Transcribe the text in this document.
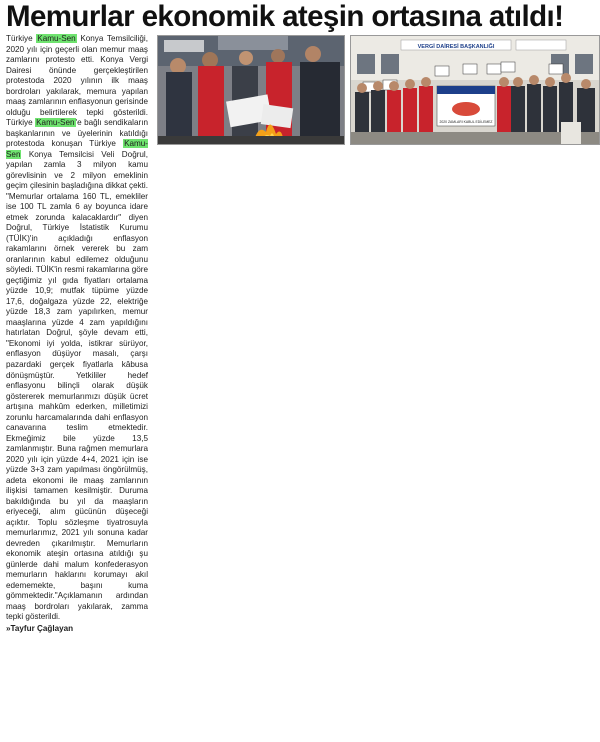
Memurlar ekonomik ateşin ortasına atıldı!

Türkiye Kamu-Sen Konya Temsilciliği, 2020 yılı için geçerli olan memur maaş zamlarını protesto etti. Konya Vergi Dairesi önünde gerçekleştirilen protestoda 2020 yılının ilk maaş bordroları yakılarak, memura yapılan maaş zamlarının enflasyonun gerisinde olduğu belirtilerek tepki gösterildi. Türkiye Kamu-Sen'e bağlı sendikaların başkanlarının ve üyelerinin katıldığı protestoda konuşan Türkiye Kamu-Sen Konya Temsilcisi Veli Doğrul, yapılan zamla 3 milyon kamu görevlisinin ve 2 milyon emeklinin geçim çilesinin başladığına dikkat çekti. "Memurlar ortalama 160 TL, emekliler ise 100 TL zamla 6 ay boyunca idare etmek zorunda kalacaklardır" diyen Doğrul, Türkiye İstatistik Kurumu (TÜİK)'in açıkladığı enflasyon rakamlarını örnek vererek bu zam oranlarının kabul edilemez olduğunu söyledi. TÜİK'in resmi rakamlarına göre geçtiğimiz yıl gıda fiyatları ortalama yüzde 10,9; mutfak tüpüme yüzde 17,6, doğalgaza yüzde 22, elektriğe yüzde 18,3 zam yapılırken, memur maaşlarına yüzde 4 zam yapıldığını hatırlatan Doğrul, şöyle devam etti, "Ekonomi iyi yolda, istikrar sürüyor, enflasyon düşüyor masalı, çarşı pazardaki gerçek fiyatlarla kâbusa dönüşmüştür. Yetkililer hedef enflasyonu bilinçli olarak düşük göstererek memurlarımızı düşük ücret artışına mahkûm ederken, milletimizi zorunlu harcamalarında dahi enflasyon canavarına teslim etmektedir. Ekmeğimiz bile yüzde 13,5 zamlanmıştır. Buna rağmen memurlara 2020 yılı için yüzde 4+4, 2021 için ise yüzde 3+3 zam yapılması öngörülmüş, adeta ekonomi ile maaş zamlarının ilişkisi tamamen kesilmiştir. Duruma bakıldığında bu yıl da maaşların eriyeceği, alım gücünün düşeceği açıktır. Toplu sözleşme tiyatrosuyla memurlarımız, 2021 yılı sonuna kadar devreden çıkarılmıştır. Memurların ekonomik ateşin ortasına atıldığı şu günlerde dahi malum konfederasyon memurların haklarını korumayı akıl edememekte, başını kuma gömmektedir."Açıklamanın ardından maaş bordroları yakılarak, zamma tepki gösterildi.

»Tayfur Çağlayan
VERGİ DAİRESİ BAŞKANLIĞI
2020 ZAMLARI KABUL EDİLEMEZ
